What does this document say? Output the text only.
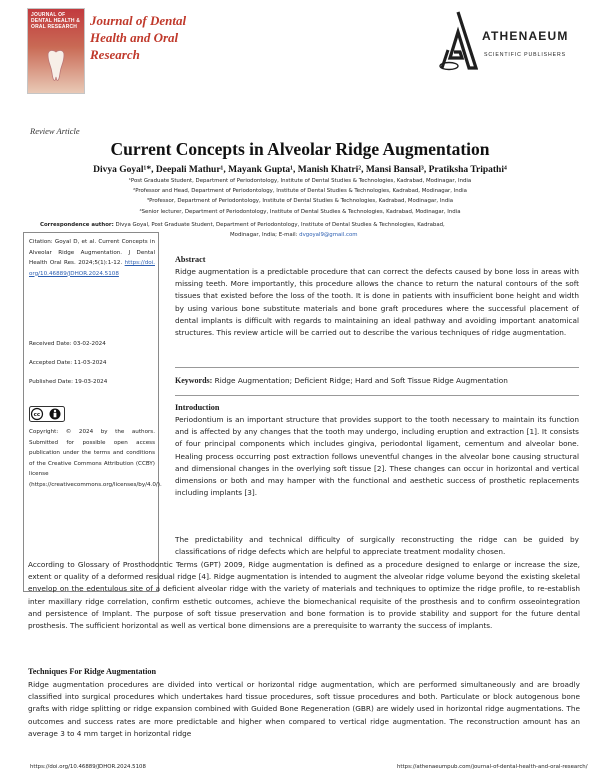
JOURNAL OF DENTAL HEALTH & ORAL RESEARCH Journal of Dental Health and Oral Research
ATHENAEUM
SCIENTIFIC PUBLISHERS
Review Article
Current Concepts in Alveolar Ridge Augmentation
Divya Goyal¹*, Deepali Mathur¹, Mayank Gupta¹, Manish Khatri², Mansi Bansal³, Pratiksha Tripathi⁴
¹Post Graduate Student, Department of Periodontology, Institute of Dental Studies & Technologies, Kadrabad, Modinagar, India
²Professor and Head, Department of Periodontology, Institute of Dental Studies & Technologies, Kadrabad, Modinagar, India
³Professor, Department of Periodontology, Institute of Dental Studies & Technologies, Kadrabad, Modinagar, India
⁴Senior lecturer, Department of Periodontology, Institute of Dental Studies & Technologies, Kadrabad, Modinagar, India
Correspondence author: Divya Goyal, Post Graduate Student, Department of Periodontology, Institute of Dental Studies & Technologies, Kadrabad,
Modinagar, India; E-mail: dvgoyal9@gmail.com
Citation: Goyal D, et al. Current Concepts in Alveolar Ridge Augmentation. J Dental Health Oral Res. 2024;5(1):1-12. https://doi.org/10.46889/JDHOR.2024.5108
Received Date: 03-02-2024
Accepted Date: 11-03-2024
Published Date: 19-03-2024
cc
Copyright: © 2024 by the authors. Submitted for possible open access publication under the terms and conditions of the Creative Commons Attribution (CCBY) license (https://creativecommons.org/licenses/by/4.0/).
Abstract
Ridge augmentation is a predictable procedure that can correct the defects caused by bone loss in areas with missing teeth. More importantly, this procedure allows the chance to return the natural contours of the soft tissues that existed before the loss of the tooth. It is done in patients with insufficient bone height and width by using various bone substitute materials and bone graft procedures where the successful placement of dental implants is difficult with regards to maintaining an ideal pathway and avoiding important anatomical structures. This review article will be carried out to describe the various techniques of ridge augmentation.
Keywords: Ridge Augmentation; Deficient Ridge; Hard and Soft Tissue Ridge Augmentation
Introduction
Periodontium is an important structure that provides support to the tooth necessary to maintain its function and is affected by any changes that the tooth may undergo, including eruption and extraction [1]. It consists of four principal components which includes gingiva, periodontal ligament, cementum and alveolar bone. Healing process occurring post extraction follows uneventful changes in the alveolar bone causing structural and dimensional changes in the overlying soft tissue [2]. These changes can occur in horizontal and vertical dimensions or both and may hamper with the functional and aesthetic success of prosthetic replacements including implants [3].
The predictability and technical difficulty of surgically reconstructing the ridge can be guided by classifications of ridge defects which are helpful to appreciate treatment modality chosen.
According to Glossary of Prosthodontic Terms (GPT) 2009, Ridge augmentation is defined as a procedure designed to enlarge or increase the size, extent or quality of a deformed residual ridge [4]. Ridge augmentation is intended to augment the alveolar ridge volume beyond the existing skeletal envelop on the edentulous site of a deficient alveolar ridge with the variety of materials and techniques to optimize the ridge profile, to re-establish inter maxillary ridge correlation, confirm esthetic outcomes, achieve the biomechanical requisite of the prosthesis and to confirm osseointegration and persistence of Implant. The purpose of soft tissue preservation and bone formation is to provide stability and support for the future dental prosthesis. The sufficient horizontal as well as vertical bone dimensions are a prerequisite to warranty the success of implants.
Techniques For Ridge Augmentation
Ridge augmentation procedures are divided into vertical or horizontal ridge augmentation, which are performed simultaneously and are broadly classified into surgical procedures which undertakes hard tissue procedures, soft tissue procedures and both. Particulate or block autogenous bone grafts with ridge splitting or ridge expansion combined with Guided Bone Regeneration (GBR) are widely used in horizontal ridge augmentations. The outcomes and success rates are more predictable and higher when compared to vertical ridge augmentation. The reconstruction amount has an average 3 to 4 mm target in horizontal ridge
https://doi.org/10.46889/JDHOR.2024.5108	https://athenaeumpub.com/journal-of-dental-health-and-oral-research/
